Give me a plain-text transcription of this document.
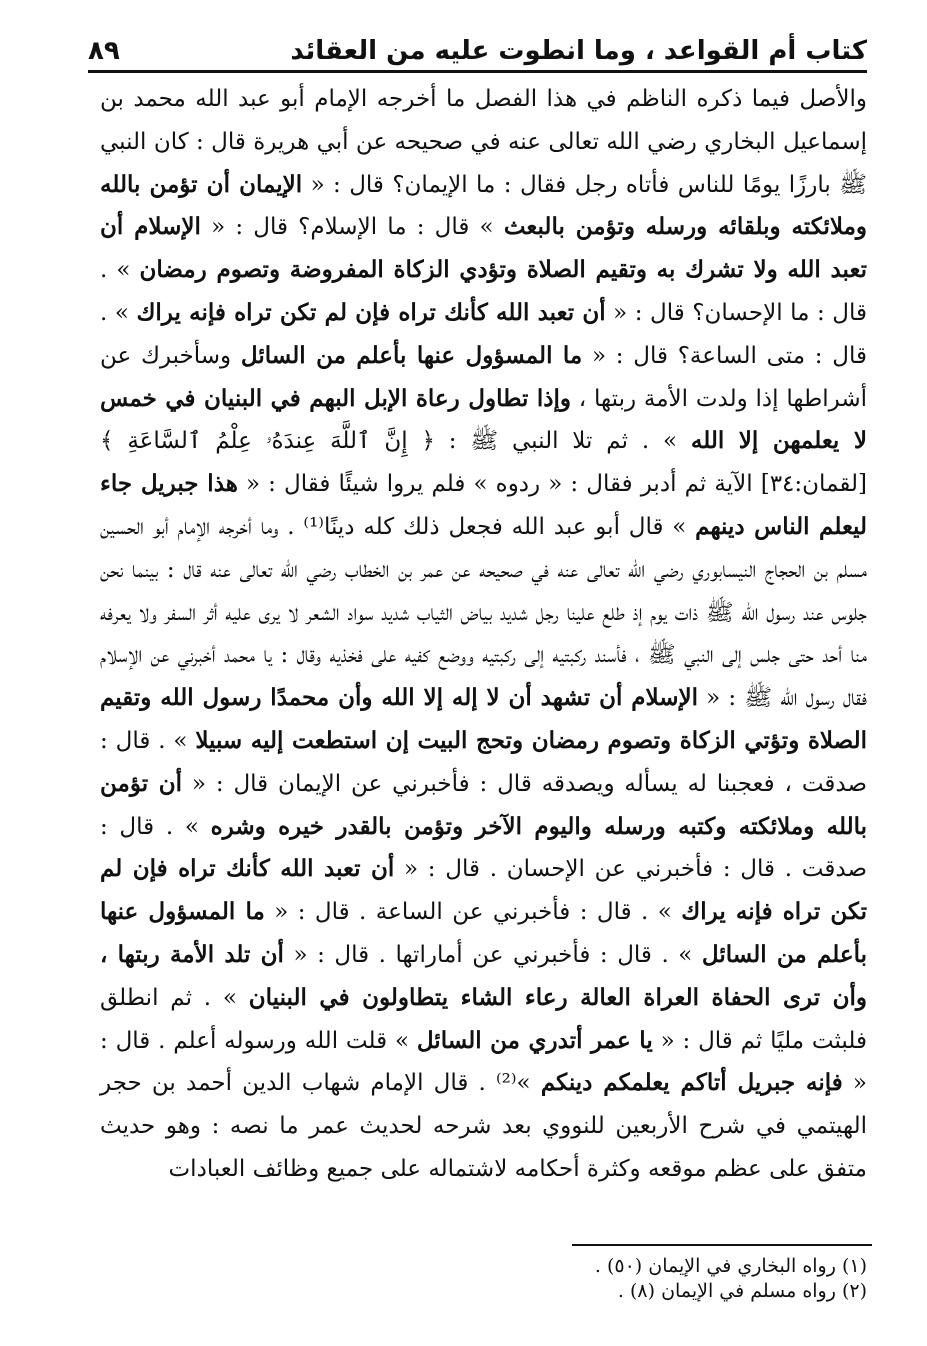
كتاب أم القواعد ، وما انطوت عليه من العقائد
٨٩

والأصل فيما ذكره الناظم في هذا الفصل ما أخرجه الإمام أبو عبد الله محمد بن إسماعيل البخاري رضي الله تعالى عنه في صحيحه عن أبي هريرة قال : كان النبي ﷺ بارزًا يومًا للناس فأتاه رجل فقال : ما الإيمان؟ قال : « الإيمان أن تؤمن بالله وملائكته وبلقائه ورسله وتؤمن بالبعث » قال : ما الإسلام؟ قال : « الإسلام أن تعبد الله ولا تشرك به وتقيم الصلاة وتؤدي الزكاة المفروضة وتصوم رمضان » . قال : ما الإحسان؟ قال : « أن تعبد الله كأنك تراه فإن لم تكن تراه فإنه يراك » . قال : متى الساعة؟ قال : « ما المسؤول عنها بأعلم من السائل وسأخبرك عن أشراطها إذا ولدت الأمة ربتها ، وإذا تطاول رعاة الإبل البهم في البنيان في خمس لا يعلمهن إلا الله » . ثم تلا النبي ﷺ : ﴿ إِنَّ ٱللَّهَ عِندَهُۥ عِلْمُ ٱلسَّاعَةِ ﴾ [لقمان:٣٤] الآية ثم أدبر فقال : « ردوه » فلم يروا شيئًا فقال : « هذا جبريل جاء ليعلم الناس دينهم » قال أبو عبد الله فجعل ذلك كله دينًا⁽¹⁾ . وما أخرجه الإمام أبو الحسين مسلم بن الحجاج النيسابوري رضي الله تعالى عنه في صحيحه عن عمر بن الخطاب رضي الله تعالى عنه قال : بينما نحن جلوس عند رسول الله ﷺ ذات يوم إذ طلع علينا رجل شديد بياض الثياب شديد سواد الشعر لا يرى عليه أثر السفر ولا يعرفه منا أحد حتى جلس إلى النبي ﷺ ، فأسند ركبتيه إلى ركبتيه ووضع كفيه على فخذيه وقال : يا محمد أخبرني عن الإسلام فقال رسول الله ﷺ : « الإسلام أن تشهد أن لا إله إلا الله وأن محمدًا رسول الله وتقيم الصلاة وتؤتي الزكاة وتصوم رمضان وتحج البيت إن استطعت إليه سبيلا » . قال : صدقت ، فعجبنا له يسأله ويصدقه قال : فأخبرني عن الإيمان قال : « أن تؤمن بالله وملائكته وكتبه ورسله واليوم الآخر وتؤمن بالقدر خيره وشره » . قال : صدقت . قال : فأخبرني عن الإحسان . قال : « أن تعبد الله كأنك تراه فإن لم تكن تراه فإنه يراك » . قال : فأخبرني عن الساعة . قال : « ما المسؤول عنها بأعلم من السائل » . قال : فأخبرني عن أماراتها . قال : « أن تلد الأمة ربتها ، وأن ترى الحفاة العراة العالة رعاء الشاء يتطاولون في البنيان » . ثم انطلق فلبثت مليًا ثم قال : « يا عمر أتدري من السائل » قلت الله ورسوله أعلم . قال : « فإنه جبريل أتاكم يعلمكم دينكم »⁽²⁾ . قال الإمام شهاب الدين أحمد بن حجر الهيتمي في شرح الأربعين للنووي بعد شرحه لحديث عمر ما نصه : وهو حديث متفق على عظم موقعه وكثرة أحكامه لاشتماله على جميع وظائف العبادات

(١) رواه البخاري في الإيمان (٥٠) .
(٢) رواه مسلم في الإيمان (٨) .
